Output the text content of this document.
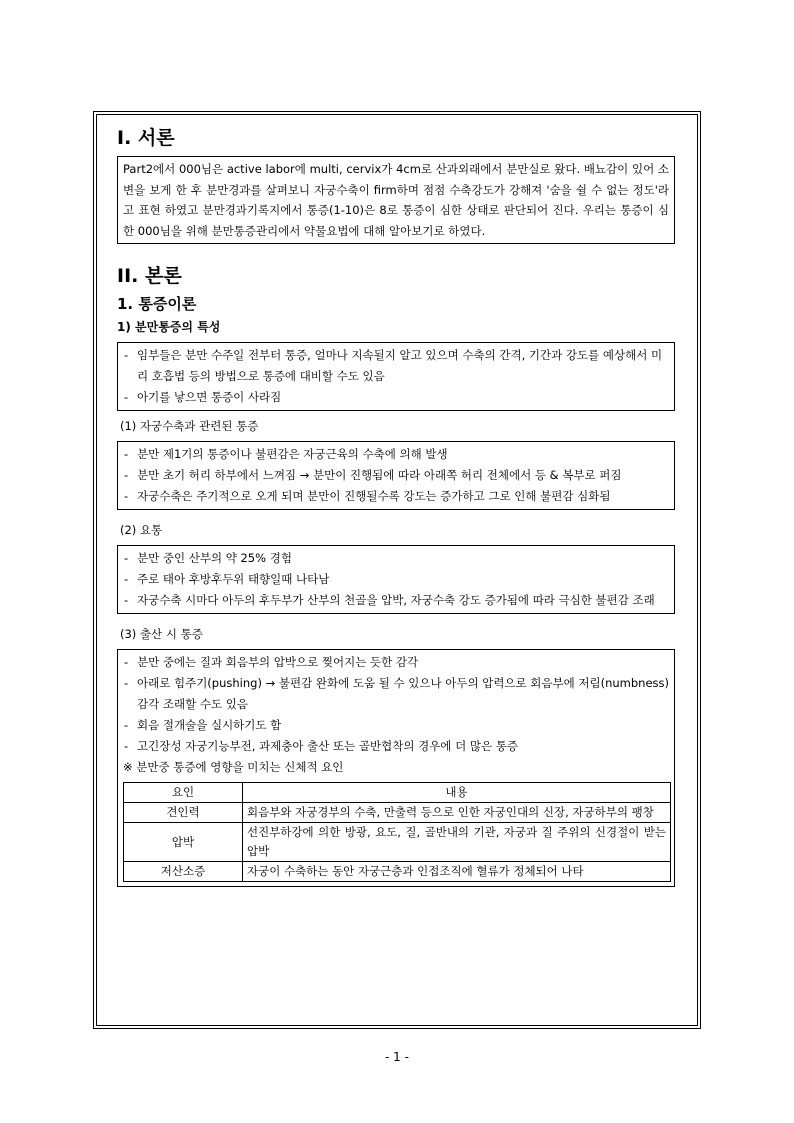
I. 서론
Part2에서 000님은 active labor에 multi, cervix가 4cm로 산과외래에서 분만실로 왔다. 배뇨감이 있어 소변을 보게 한 후 분만경과를 살펴보니 자궁수축이 firm하며 점점 수축강도가 강해져 '숨을 쉴 수 없는 정도'라고 표현 하였고 분만경과기록지에서 통증(1-10)은 8로 통증이 심한 상태로 판단되어 진다. 우리는 통증이 심한 000님을 위해 분만통증관리에서 약물요법에 대해 알아보기로 하였다.
II. 본론
1. 통증이론
1) 분만통증의 특성
- 임부들은 분만 수주일 전부터 통증, 얼마나 지속될지 알고 있으며 수축의 간격, 기간과 강도를 예상해서 미리 호흡법 등의 방법으로 통증에 대비할 수도 있음
- 아기를 낳으면 통증이 사라짐
(1) 자궁수축과 관련된 통증
- 분만 제1기의 통증이나 불편감은 자궁근육의 수축에 의해 발생
- 분만 초기 허리 하부에서 느껴짐 → 분만이 진행됨에 따라 아래쪽 허리 전체에서 등 & 복부로 퍼짐
- 자궁수축은 주기적으로 오게 되며 분만이 진행될수록 강도는 증가하고 그로 인해 불편감 심화됨
(2) 요통
- 분만 중인 산부의 약 25% 경험
- 주로 태아 후방후두위 태향일때 나타남
- 자궁수축 시마다 아두의 후두부가 산부의 천골을 압박, 자궁수축 강도 증가됨에 따라 극심한 불편감 조래
(3) 출산 시 통증
- 분만 중에는 질과 회음부의 압박으로 찢어지는 듯한 감각
- 아래로 힘주기(pushing) → 불편감 완화에 도움 될 수 있으나 아두의 압력으로 회음부에 저림(numbness) 감각 조래할 수도 있음
- 회음 절개술을 실시하기도 함
- 고긴장성 자궁기능부전, 과제충아 출산 또는 골반협착의 경우에 더 많은 통증
※ 분만중 통증에 영향을 미치는 신체적 요인
요인	내용
견인력	회음부와 자궁경부의 수축, 만출력 등으로 인한 자궁인대의 신장, 자궁하부의 팽창
압박	선진부하강에 의한 방광, 요도, 질, 골반내의 기관, 자궁과 질 주위의 신경절이 받는 압박
저산소증	자궁이 수축하는 동안 자궁근층과 인접조직에 혈류가 정체되어 나타
- 1 -
